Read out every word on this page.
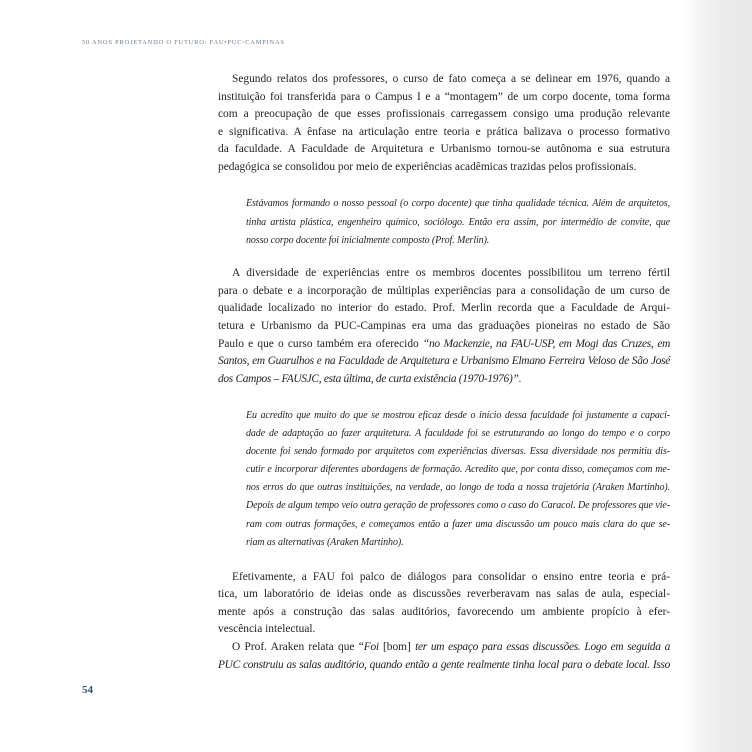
50 ANOS PROJETANDO O FUTURO: FAU•PUC-CAMPINAS
Segundo relatos dos professores, o curso de fato começa a se delinear em 1976, quando a
instituição foi transferida para o Campus I e a “montagem” de um corpo docente, toma forma
com a preocupação de que esses profissionais carregassem consigo uma produção relevante
e significativa. A ênfase na articulação entre teoria e prática balizava o processo formativo
da faculdade. A Faculdade de Arquitetura e Urbanismo tornou-se autônoma e sua estrutura
pedagógica se consolidou por meio de experiências acadêmicas trazidas pelos profissionais.
Estávamos formando o nosso pessoal (o corpo docente) que tinha qualidade técnica. Além de arquitetos,
tinha artista plástica, engenheiro químico, sociólogo. Então era assim, por intermédio de convite, que
nosso corpo docente foi inicialmente composto (Prof. Merlin).
A diversidade de experiências entre os membros docentes possibilitou um terreno fértil
para o debate e a incorporação de múltiplas experiências para a consolidação de um curso de
qualidade localizado no interior do estado. Prof. Merlin recorda que a Faculdade de Arqui-
tetura e Urbanismo da PUC-Campinas era uma das graduações pioneiras no estado de São
Paulo e que o curso também era oferecido “no Mackenzie, na FAU-USP, em Mogi das Cruzes, em
Santos, em Guarulhos e na Faculdade de Arquitetura e Urbanismo Elmano Ferreira Veloso de São José
dos Campos – FAUSJC, esta última, de curta existência (1970-1976)”.
Eu acredito que muito do que se mostrou eficaz desde o início dessa faculdade foi justamente a capaci-
dade de adaptação ao fazer arquitetura. A faculdade foi se estruturando ao longo do tempo e o corpo
docente foi sendo formado por arquitetos com experiências diversas. Essa diversidade nos permitiu dis-
cutir e incorporar diferentes abordagens de formação. Acredito que, por conta disso, começamos com me-
nos erros do que outras instituições, na verdade, ao longo de toda a nossa trajetória (Araken Martinho).
Depois de algum tempo veio outra geração de professores como o caso do Caracol. De professores que vie-
ram com outras formações, e começamos então a fazer uma discussão um pouco mais clara do que se-
riam as alternativas (Araken Martinho).
Efetivamente, a FAU foi palco de diálogos para consolidar o ensino entre teoria e prá-
tica, um laboratório de ideias onde as discussões reverberavam nas salas de aula, especial-
mente após a construção das salas auditórios, favorecendo um ambiente propício à efer-
vescência intelectual.
O Prof. Araken relata que “Foi [bom] ter um espaço para essas discussões. Logo em seguida a
PUC construiu as salas auditório, quando então a gente realmente tinha local para o debate local. Isso
54
